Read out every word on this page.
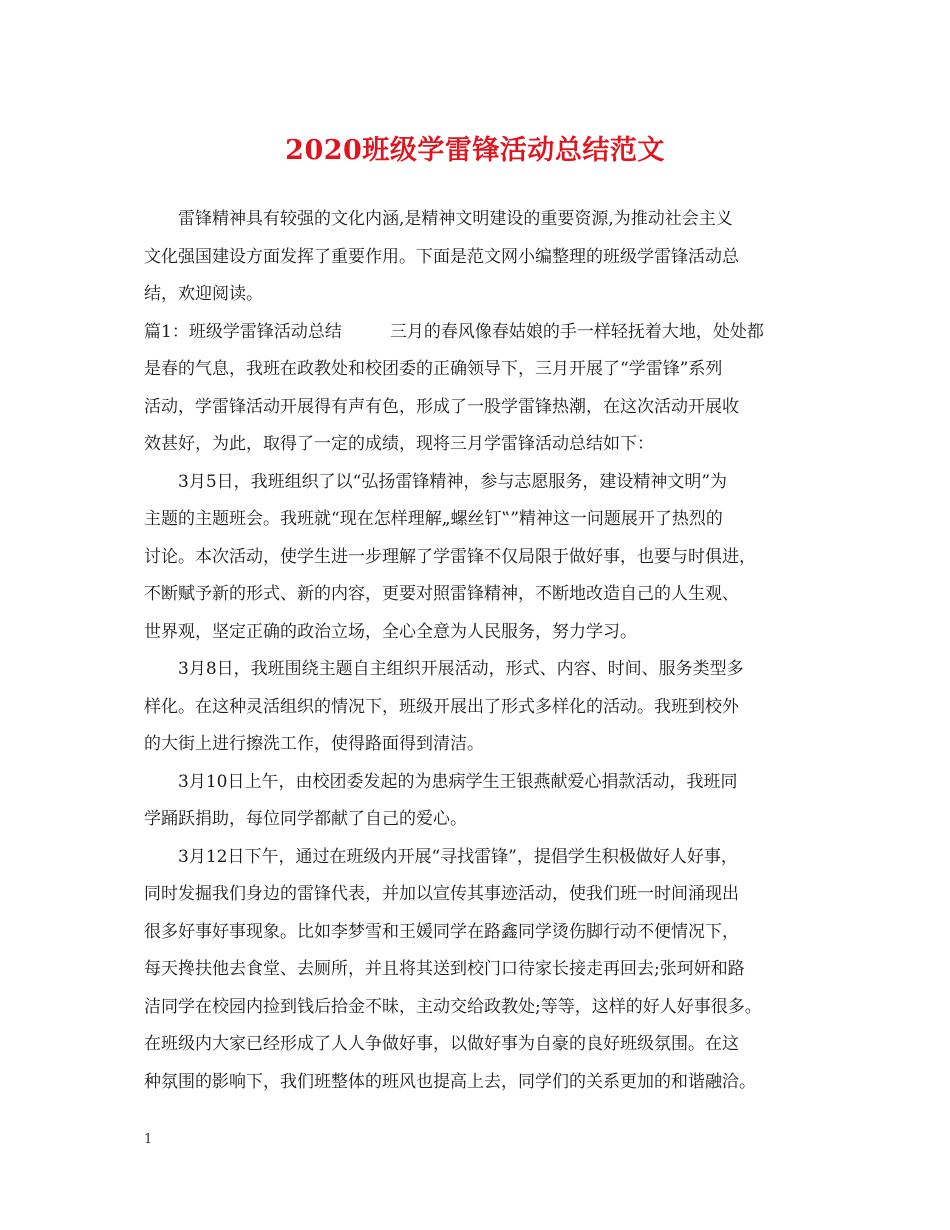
2020班级学雷锋活动总结范文
雷锋精神具有较强的文化内涵,是精神文明建设的重要资源,为推动社会主义
文化强国建设方面发挥了重要作用。下面是范文网小编整理的班级学雷锋活动总
结，欢迎阅读。
篇1：班级学雷锋活动总结	三月的春风像春姑娘的手一样轻抚着大地，处处都
是春的气息，我班在政教处和校团委的正确领导下，三月开展了“学雷锋”系列
活动，学雷锋活动开展得有声有色，形成了一股学雷锋热潮，在这次活动开展收
效甚好，为此，取得了一定的成绩，现将三月学雷锋活动总结如下：
3月5日，我班组织了以“弘扬雷锋精神，参与志愿服务，建设精神文明”为
主题的主题班会。我班就“现在怎样理解„螺丝钉‟”精神这一问题展开了热烈的
讨论。本次活动，使学生进一步理解了学雷锋不仅局限于做好事，也要与时俱进，
不断赋予新的形式、新的内容，更要对照雷锋精神，不断地改造自己的人生观、
世界观，坚定正确的政治立场，全心全意为人民服务，努力学习。
3月8日，我班围绕主题自主组织开展活动，形式、内容、时间、服务类型多
样化。在这种灵活组织的情况下，班级开展出了形式多样化的活动。我班到校外
的大街上进行擦洗工作，使得路面得到清洁。
3月10日上午，由校团委发起的为患病学生王银燕献爱心捐款活动，我班同
学踊跃捐助，每位同学都献了自己的爱心。
3月12日下午，通过在班级内开展“寻找雷锋”，提倡学生积极做好人好事，
同时发掘我们身边的雷锋代表，并加以宣传其事迹活动，使我们班一时间涌现出
很多好事好事现象。比如李梦雪和王媛同学在路鑫同学烫伤脚行动不便情况下，
每天搀扶他去食堂、去厕所，并且将其送到校门口待家长接走再回去;张珂妍和路
洁同学在校园内捡到钱后拾金不昧，主动交给政教处;等等，这样的好人好事很多。
在班级内大家已经形成了人人争做好事，以做好事为自豪的良好班级氛围。在这
种氛围的影响下，我们班整体的班风也提高上去，同学们的关系更加的和谐融洽。
1
